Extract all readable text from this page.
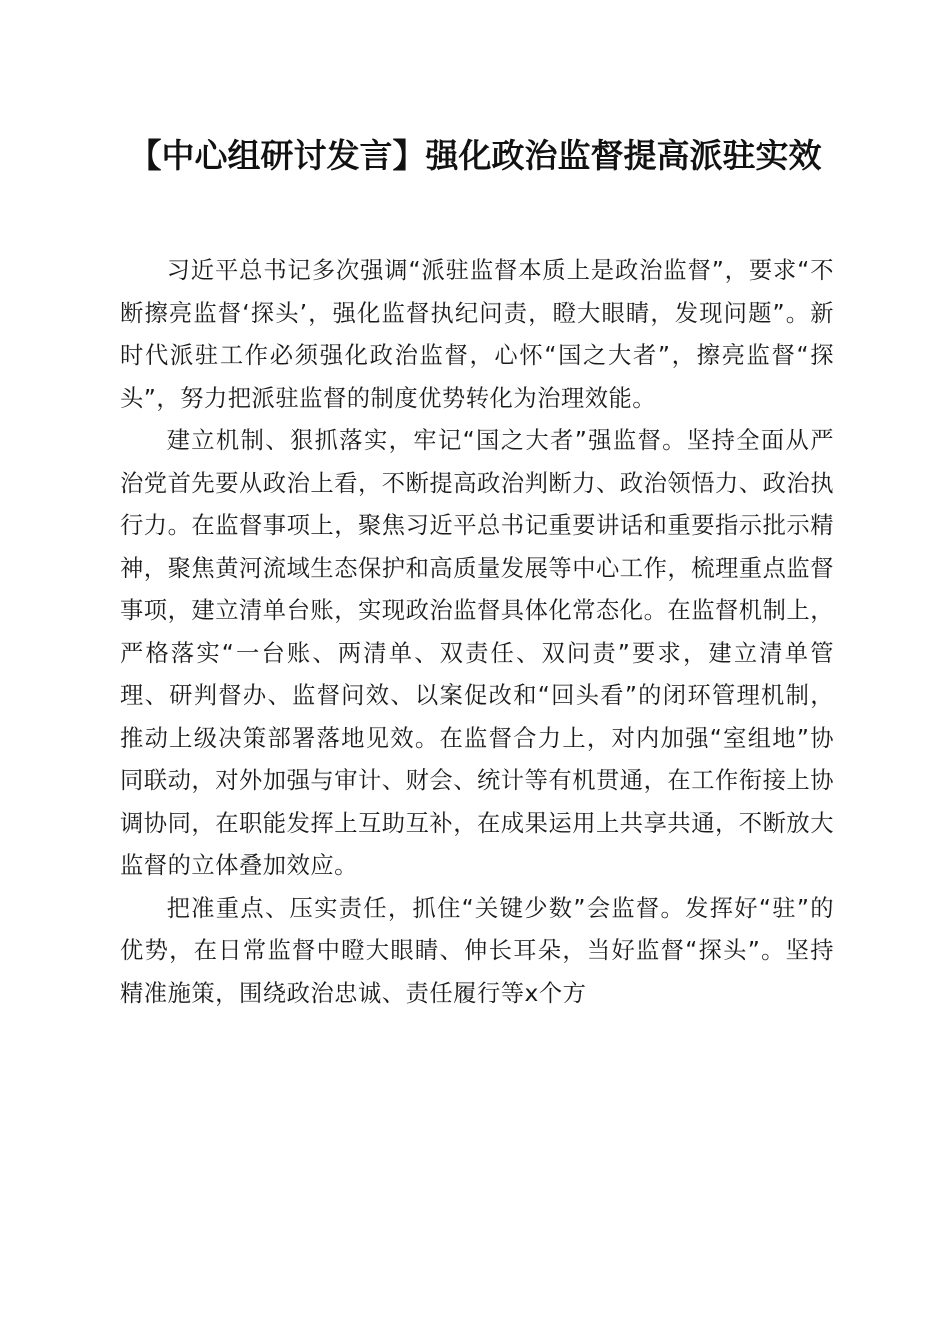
【中心组研讨发言】强化政治监督提高派驻实效

习近平总书记多次强调“派驻监督本质上是政治监督”，要求“不断擦亮监督‘探头’，强化监督执纪问责，瞪大眼睛，发现问题”。新时代派驻工作必须强化政治监督，心怀“国之大者”，擦亮监督“探头”，努力把派驻监督的制度优势转化为治理效能。

建立机制、狠抓落实，牢记“国之大者”强监督。坚持全面从严治党首先要从政治上看，不断提高政治判断力、政治领悟力、政治执行力。在监督事项上，聚焦习近平总书记重要讲话和重要指示批示精神，聚焦黄河流域生态保护和高质量发展等中心工作，梳理重点监督事项，建立清单台账，实现政治监督具体化常态化。在监督机制上，严格落实“一台账、两清单、双责任、双问责”要求，建立清单管理、研判督办、监督问效、以案促改和“回头看”的闭环管理机制，推动上级决策部署落地见效。在监督合力上，对内加强“室组地”协同联动，对外加强与审计、财会、统计等有机贯通，在工作衔接上协调协同，在职能发挥上互助互补，在成果运用上共享共通，不断放大监督的立体叠加效应。

把准重点、压实责任，抓住“关键少数”会监督。发挥好“驻”的优势，在日常监督中瞪大眼睛、伸长耳朵，当好监督“探头”。坚持精准施策，围绕政治忠诚、责任履行等x个方
